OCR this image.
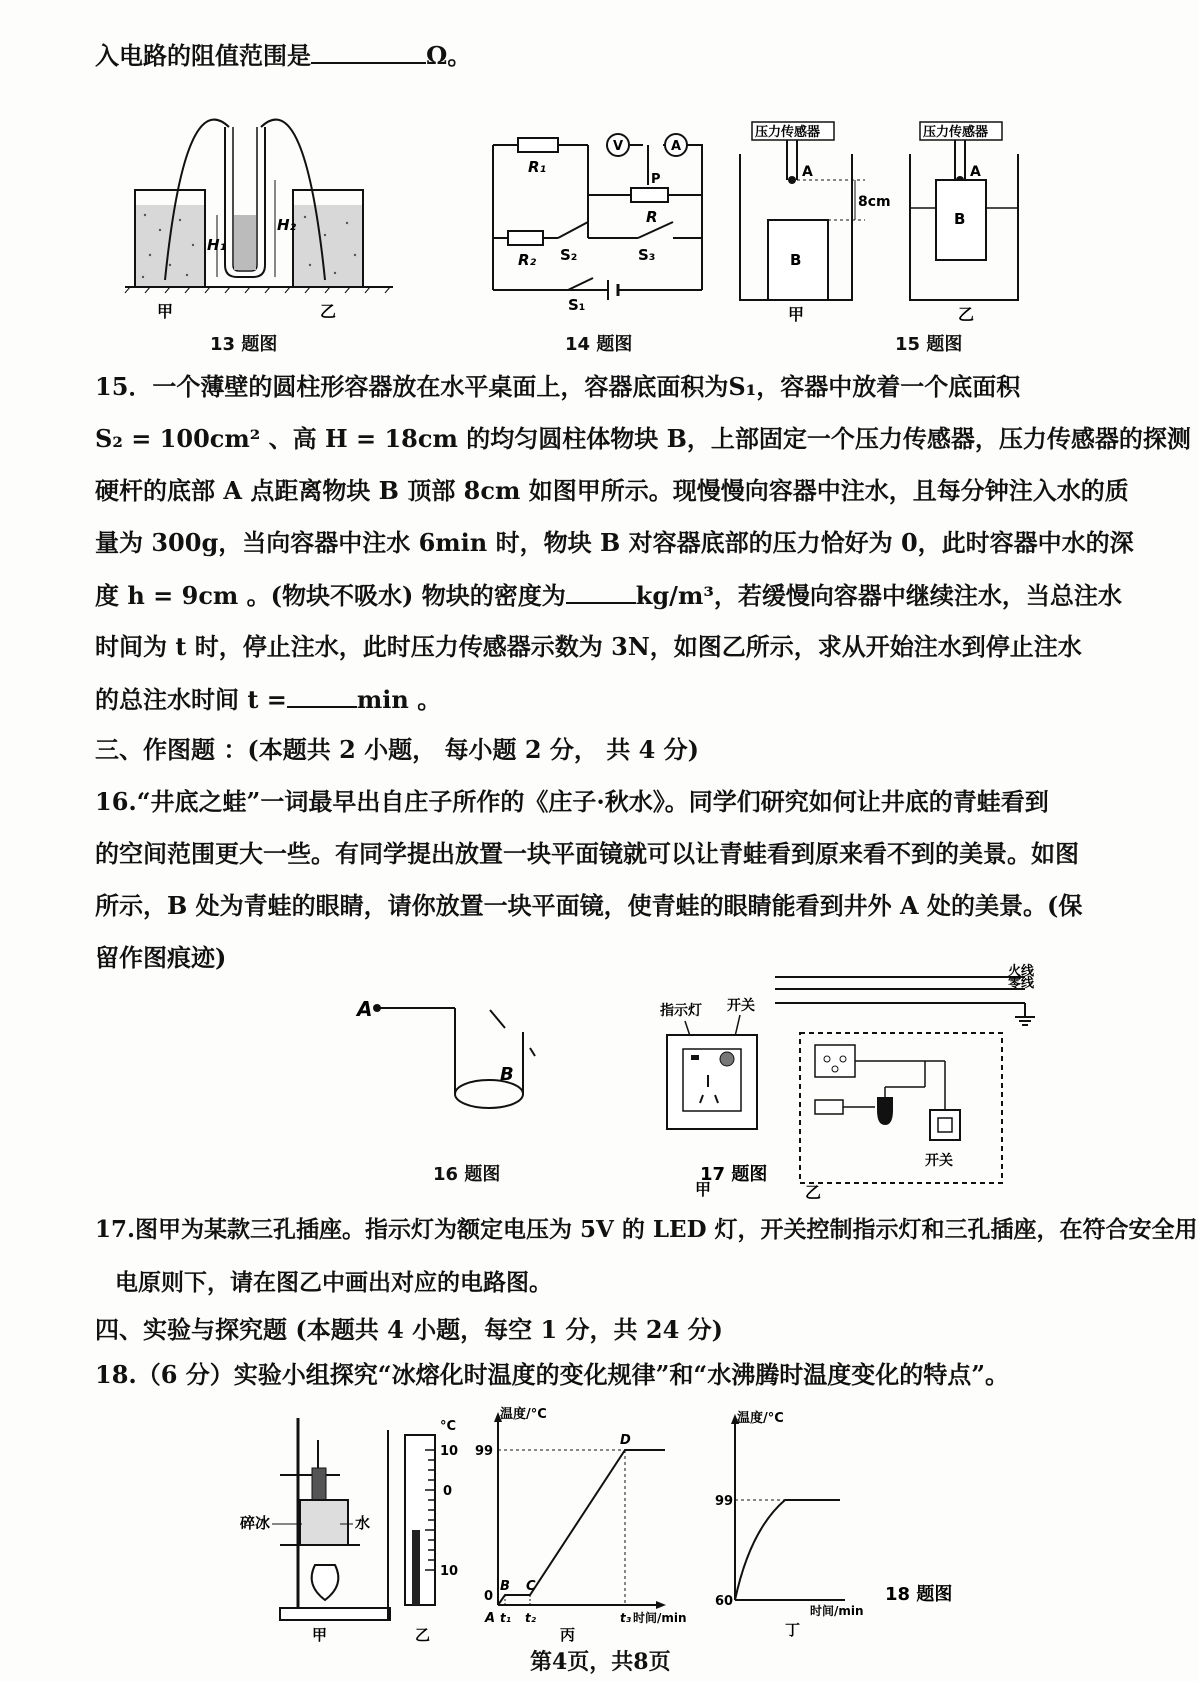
入电路的阻值范围是	Ω。
H₁
H₂
甲	乙
13 题图
V	A
R₁
R₂
P
R
S₂	S₃
S₁
14 题图
压力传感器
A
B
8cm
甲
压力传感器
A
B
乙
15 题图
15．一个薄壁的圆柱形容器放在水平桌面上，容器底面积为S₁，容器中放着一个底面积
S₂ = 100cm² 、高 H = 18cm 的均匀圆柱体物块 B，上部固定一个压力传感器，压力传感器的探测
硬杆的底部 A 点距离物块 B 顶部 8cm 如图甲所示。现慢慢向容器中注水，且每分钟注入水的质
量为 300g，当向容器中注水 6min 时，物块 B 对容器底部的压力恰好为 0，此时容器中水的深
度 h = 9cm 。(物块不吸水) 物块的密度为	kg/m³，若缓慢向容器中继续注水，当总注水
时间为 t 时，停止注水，此时压力传感器示数为 3N，如图乙所示，求从开始注水到停止注水
的总注水时间 t =	min 。
三、作图题 ：(本题共 2 小题， 每小题 2 分， 共 4 分)
16.“井底之蛙”一词最早出自庄子所作的《庄子·秋水》。同学们研究如何让井底的青蛙看到
的空间范围更大一些。有同学提出放置一块平面镜就可以让青蛙看到原来看不到的美景。如图
所示，B 处为青蛙的眼睛，请你放置一块平面镜，使青蛙的眼睛能看到井外 A 处的美景。(保
留作图痕迹)
A
B
16 题图
指示灯 开关
甲
火线
零线
开关
乙
17 题图
17.图甲为某款三孔插座。指示灯为额定电压为 5V 的 LED 灯，开关控制指示灯和三孔插座，在符合安全用
电原则下，请在图乙中画出对应的电路图。
四、实验与探究题 (本题共 4 小题，每空 1 分，共 24 分)
18.（6 分）实验小组探究“冰熔化时温度的变化规律”和“水沸腾时温度变化的特点”。
碎冰	水
甲
°C
10
0
10
乙
温度/°C
99
0
A
B C
D
t₁ t₂	t₃ 时间/min
丙
温度/°C
99
60
时间/min
丁
18 题图
第4页，共8页
